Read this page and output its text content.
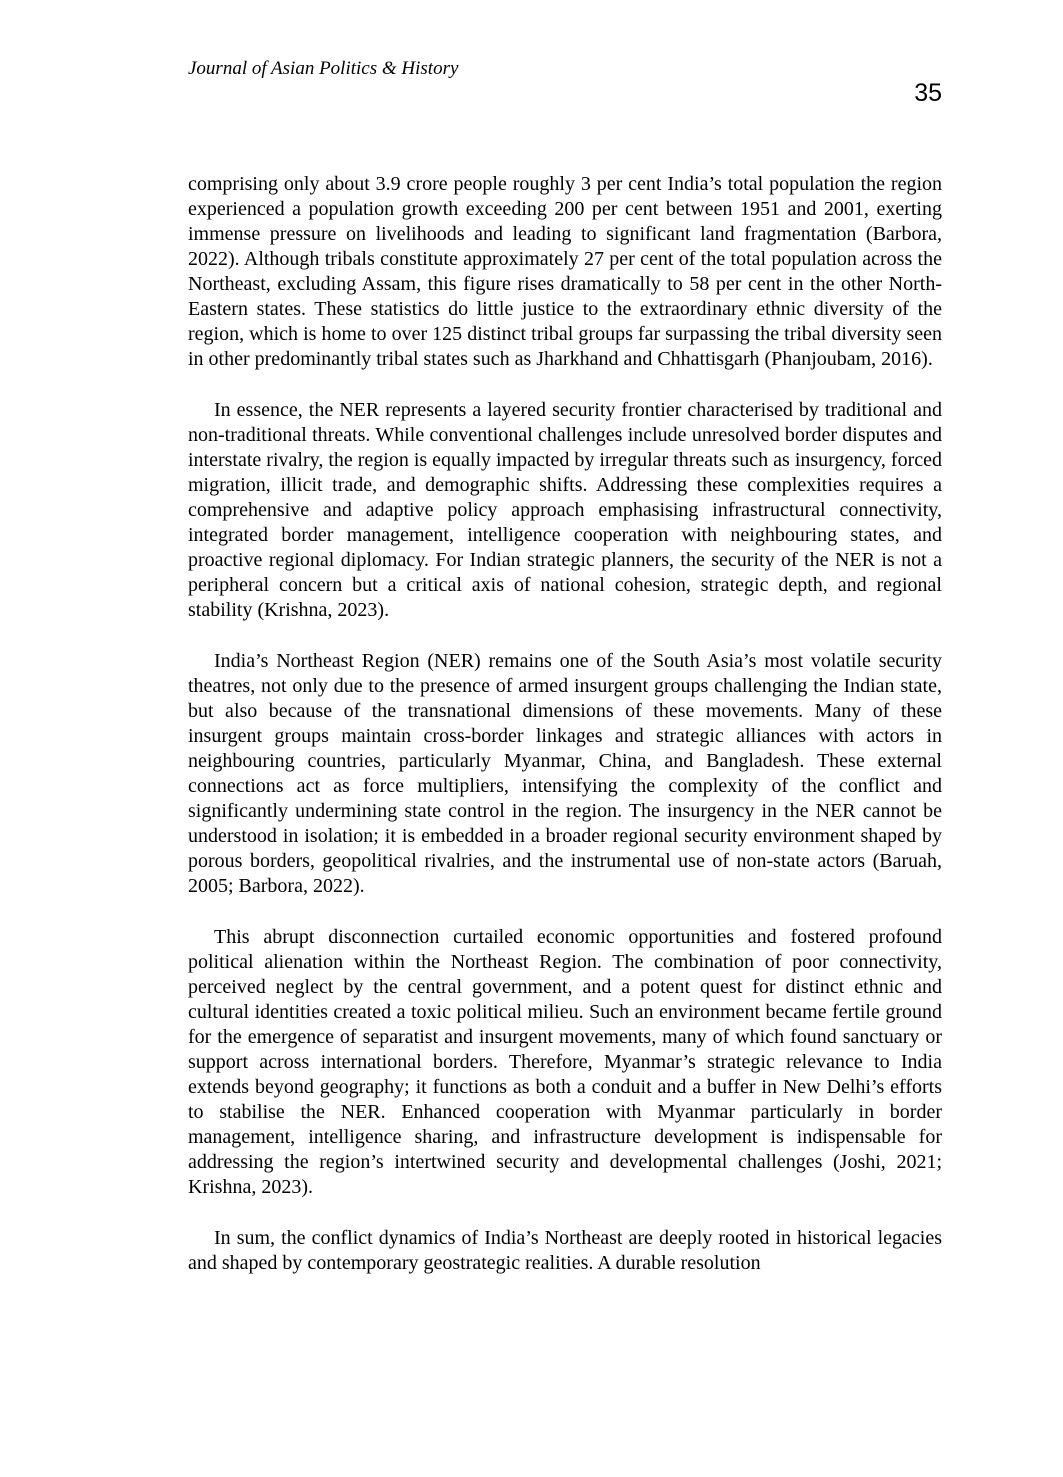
Journal of Asian Politics & History
35

comprising only about 3.9 crore people roughly 3 per cent India’s total population the region experienced a population growth exceeding 200 per cent between 1951 and 2001, exerting immense pressure on livelihoods and leading to significant land fragmentation (Barbora, 2022). Although tribals constitute approximately 27 per cent of the total population across the Northeast, excluding Assam, this figure rises dramatically to 58 per cent in the other North-Eastern states. These statistics do little justice to the extraordinary ethnic diversity of the region, which is home to over 125 distinct tribal groups far surpassing the tribal diversity seen in other predominantly tribal states such as Jharkhand and Chhattisgarh (Phanjoubam, 2016).

In essence, the NER represents a layered security frontier characterised by traditional and non-traditional threats. While conventional challenges include unresolved border disputes and interstate rivalry, the region is equally impacted by irregular threats such as insurgency, forced migration, illicit trade, and demographic shifts. Addressing these complexities requires a comprehensive and adaptive policy approach emphasising infrastructural connectivity, integrated border management, intelligence cooperation with neighbouring states, and proactive regional diplomacy. For Indian strategic planners, the security of the NER is not a peripheral concern but a critical axis of national cohesion, strategic depth, and regional stability (Krishna, 2023).

India’s Northeast Region (NER) remains one of the South Asia’s most volatile security theatres, not only due to the presence of armed insurgent groups challenging the Indian state, but also because of the transnational dimensions of these movements. Many of these insurgent groups maintain cross-border linkages and strategic alliances with actors in neighbouring countries, particularly Myanmar, China, and Bangladesh. These external connections act as force multipliers, intensifying the complexity of the conflict and significantly undermining state control in the region. The insurgency in the NER cannot be understood in isolation; it is embedded in a broader regional security environment shaped by porous borders, geopolitical rivalries, and the instrumental use of non-state actors (Baruah, 2005; Barbora, 2022).

This abrupt disconnection curtailed economic opportunities and fostered profound political alienation within the Northeast Region. The combination of poor connectivity, perceived neglect by the central government, and a potent quest for distinct ethnic and cultural identities created a toxic political milieu. Such an environment became fertile ground for the emergence of separatist and insurgent movements, many of which found sanctuary or support across international borders. Therefore, Myanmar’s strategic relevance to India extends beyond geography; it functions as both a conduit and a buffer in New Delhi’s efforts to stabilise the NER. Enhanced cooperation with Myanmar particularly in border management, intelligence sharing, and infrastructure development is indispensable for addressing the region’s intertwined security and developmental challenges (Joshi, 2021; Krishna, 2023).

In sum, the conflict dynamics of India’s Northeast are deeply rooted in historical legacies and shaped by contemporary geostrategic realities. A durable resolution
